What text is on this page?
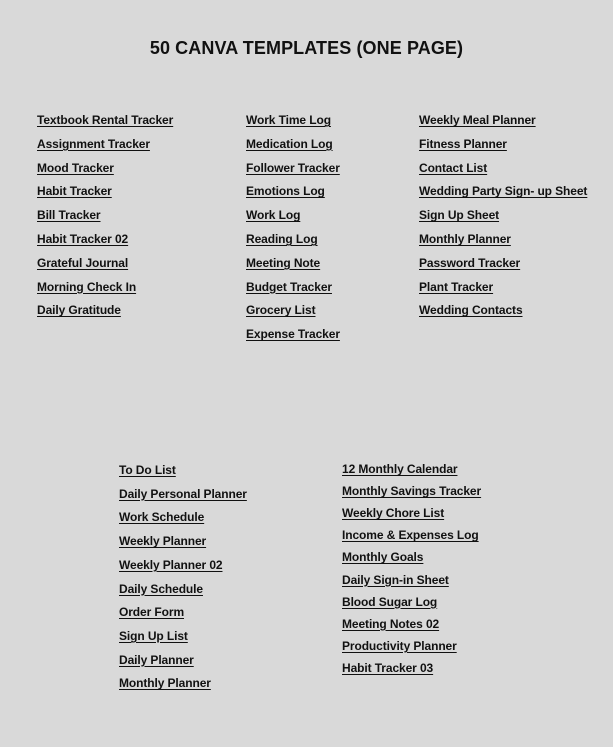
50 CANVA TEMPLATES (ONE PAGE)
Textbook Rental Tracker
Assignment Tracker
Mood Tracker
Habit Tracker
Bill Tracker
Habit Tracker 02
Grateful Journal
Morning Check In
Daily Gratitude
Work Time Log
Medication Log
Follower Tracker
Emotions Log
Work Log
Reading Log
Meeting Note
Budget Tracker
Grocery List
Expense Tracker
Weekly Meal Planner
Fitness Planner
Contact List
Wedding Party Sign- up Sheet
Sign Up Sheet
Monthly Planner
Password Tracker
Plant Tracker
Wedding Contacts
To Do List
Daily Personal Planner
Work Schedule
Weekly Planner
Weekly Planner 02
Daily Schedule
Order Form
Sign Up List
Daily Planner
Monthly Planner
12 Monthly Calendar
Monthly Savings Tracker
Weekly Chore List
Income & Expenses Log
Monthly Goals
Daily Sign-in Sheet
Blood Sugar Log
Meeting Notes 02
Productivity Planner
Habit Tracker 03
